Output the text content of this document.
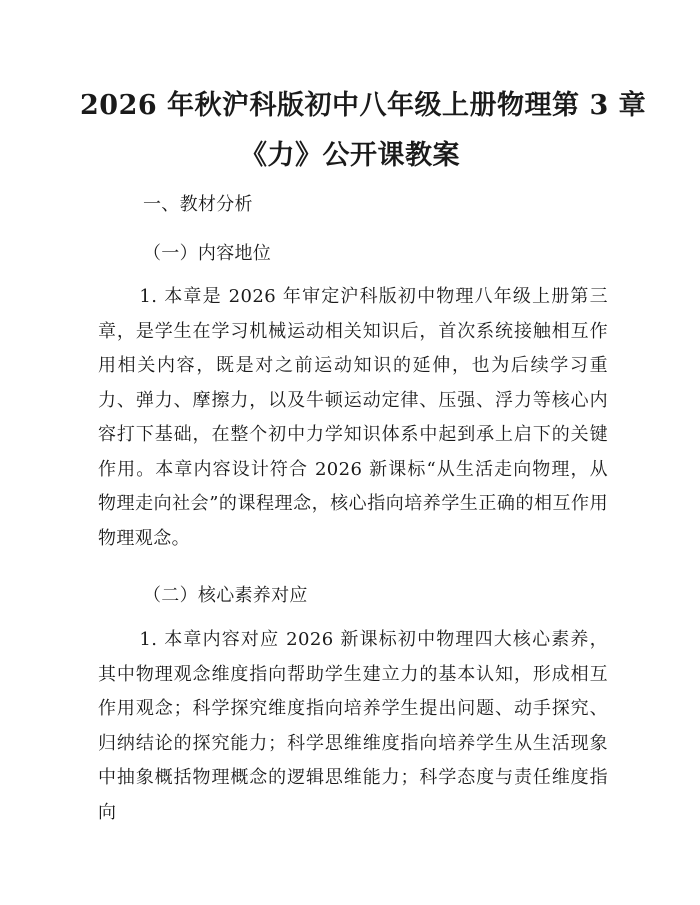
2026 年秋沪科版初中八年级上册物理第 3 章
《力》公开课教案
一、教材分析
（一）内容地位

1. 本章是 2026 年审定沪科版初中物理八年级上册第三章，是学生在学习机械运动相关知识后，首次系统接触相互作用相关内容，既是对之前运动知识的延伸，也为后续学习重力、弹力、摩擦力，以及牛顿运动定律、压强、浮力等核心内容打下基础，在整个初中力学知识体系中起到承上启下的关键作用。本章内容设计符合 2026 新课标“从生活走向物理，从物理走向社会”的课程理念，核心指向培养学生正确的相互作用物理观念。

（二）核心素养对应

1. 本章内容对应 2026 新课标初中物理四大核心素养，其中物理观念维度指向帮助学生建立力的基本认知，形成相互作用观念；科学探究维度指向培养学生提出问题、动手探究、归纳结论的探究能力；科学思维维度指向培养学生从生活现象中抽象概括物理概念的逻辑思维能力；科学态度与责任维度指向
